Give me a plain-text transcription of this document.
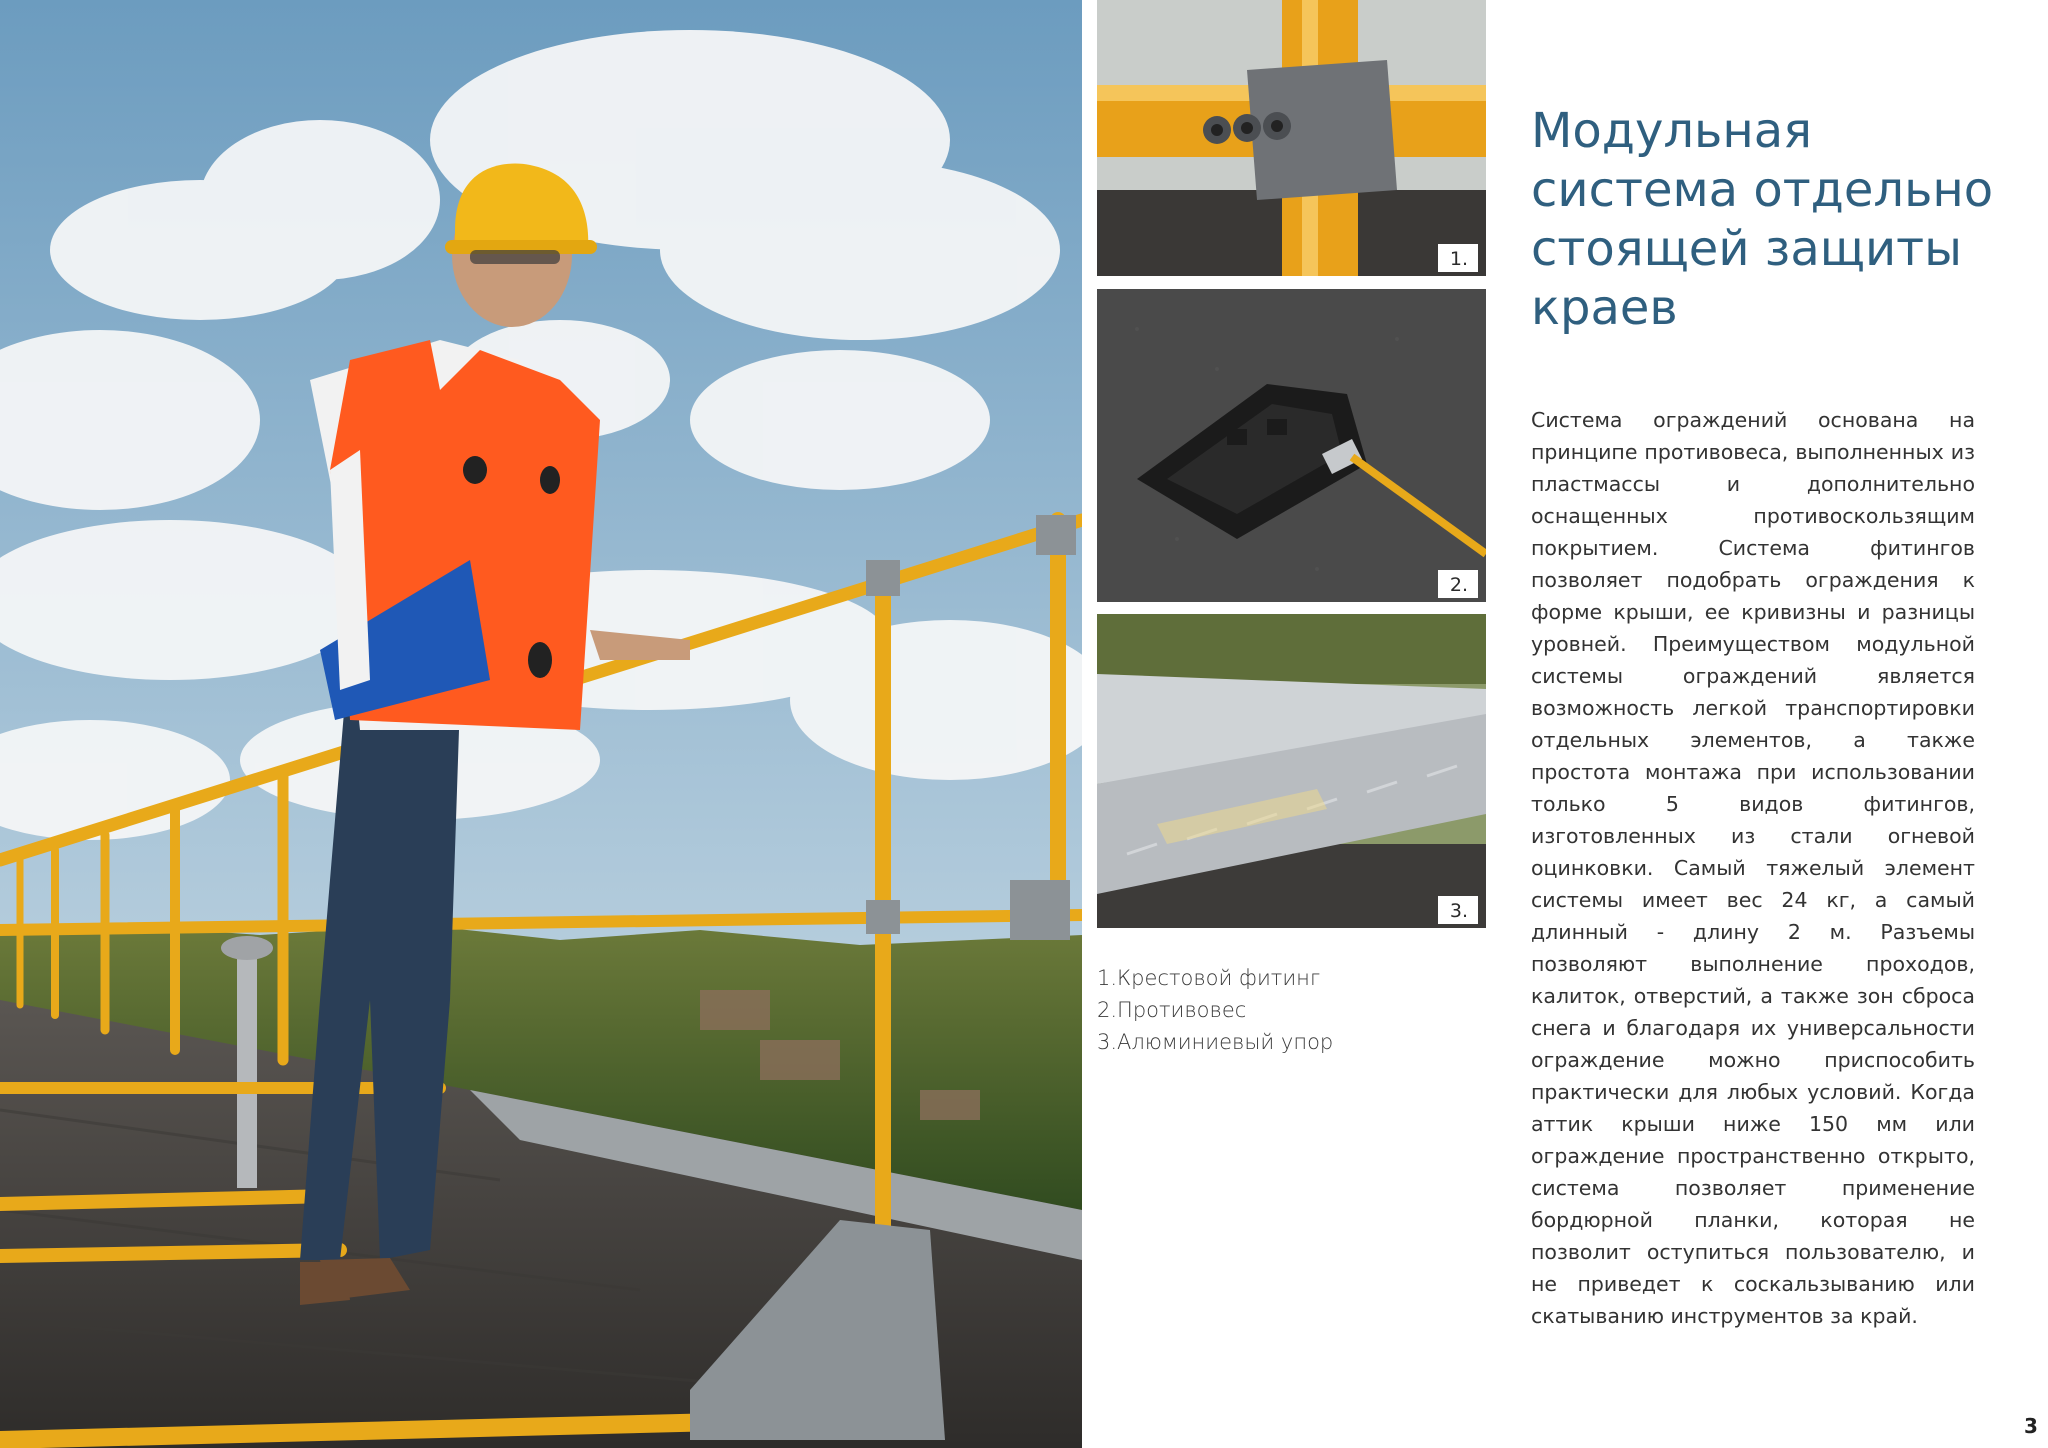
1.
2.
3.
1.Крестовой фитинг
2.Противовес
3.Алюминиевый упор
Модульная система отдельно стоящей защиты краев

Система ограждений основана на принципе противовеса, выполненных из пластмассы и дополнительно оснащенных противоскользящим покрытием. Система фитингов позволяет подобрать ограждения к форме крыши, ее кривизны и разницы уровней. Преимуществом модульной системы ограждений является возможность легкой транспортировки отдельных элементов, а также простота монтажа при использовании только 5 видов фитингов, изготовленных из стали огневой оцинковки. Самый тяжелый элемент системы имеет вес 24 кг, а самый длинный - длину 2 м. Разъемы позволяют выполнение проходов, калиток, отверстий, а также зон сброса снега и благодаря их универсальности ограждение можно приспособить практически для любых условий. Когда аттик крыши ниже 150 мм или ограждение пространственно открыто, система позволяет применение бордюрной планки, которая не позволит оступиться пользователю, и не приведет к соскальзыванию или скатыванию инструментов за край.

3
